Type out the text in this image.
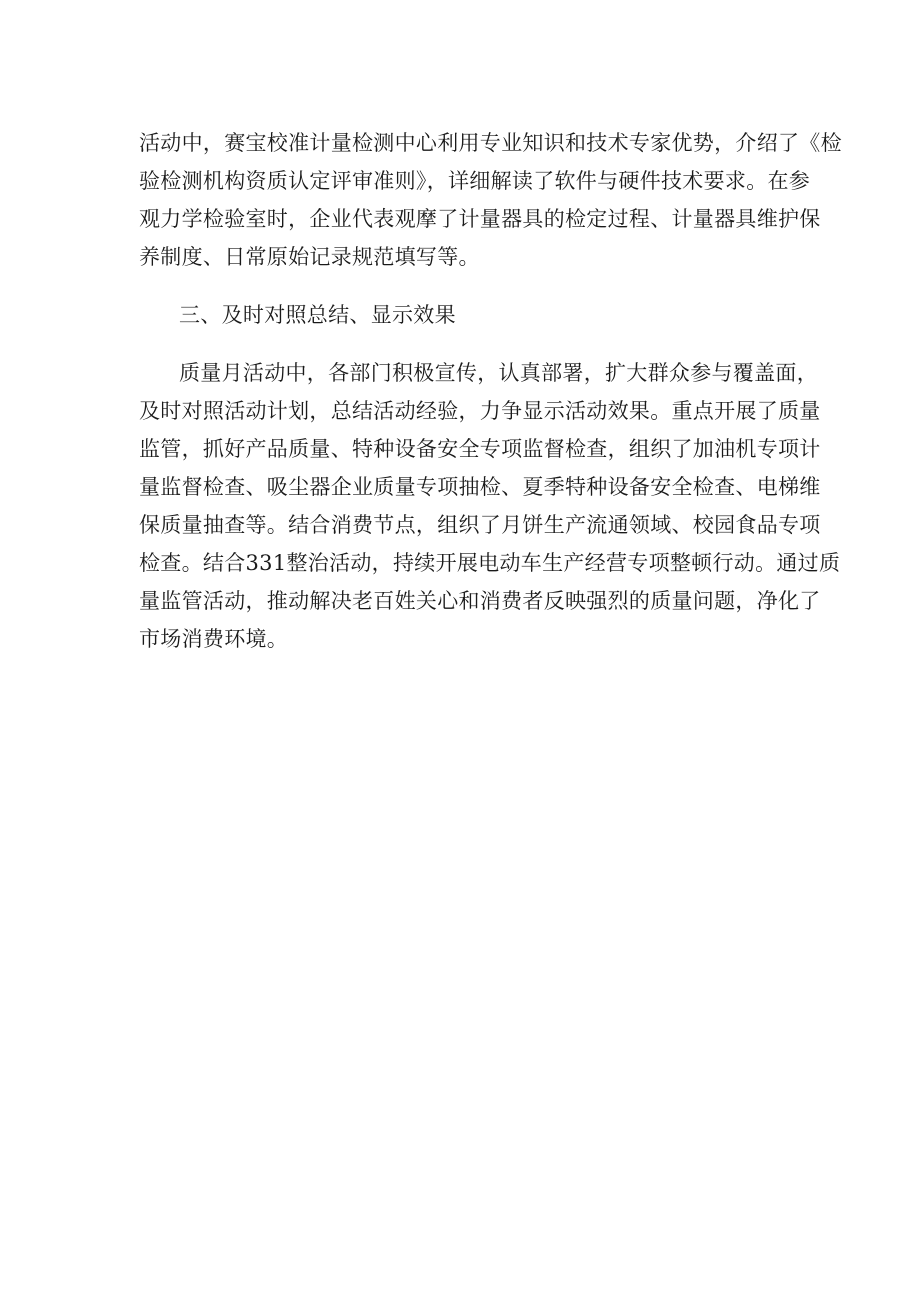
活动中，赛宝校准计量检测中心利用专业知识和技术专家优势，介绍了《检
验检测机构资质认定评审准则》，详细解读了软件与硬件技术要求。在参
观力学检验室时，企业代表观摩了计量器具的检定过程、计量器具维护保
养制度、日常原始记录规范填写等。
三、及时对照总结、显示效果
质量月活动中，各部门积极宣传，认真部署，扩大群众参与覆盖面，
及时对照活动计划，总结活动经验，力争显示活动效果。重点开展了质量
监管，抓好产品质量、特种设备安全专项监督检查，组织了加油机专项计
量监督检查、吸尘器企业质量专项抽检、夏季特种设备安全检查、电梯维
保质量抽查等。结合消费节点，组织了月饼生产流通领域、校园食品专项
检查。结合331整治活动，持续开展电动车生产经营专项整顿行动。通过质
量监管活动，推动解决老百姓关心和消费者反映强烈的质量问题，净化了
市场消费环境。
